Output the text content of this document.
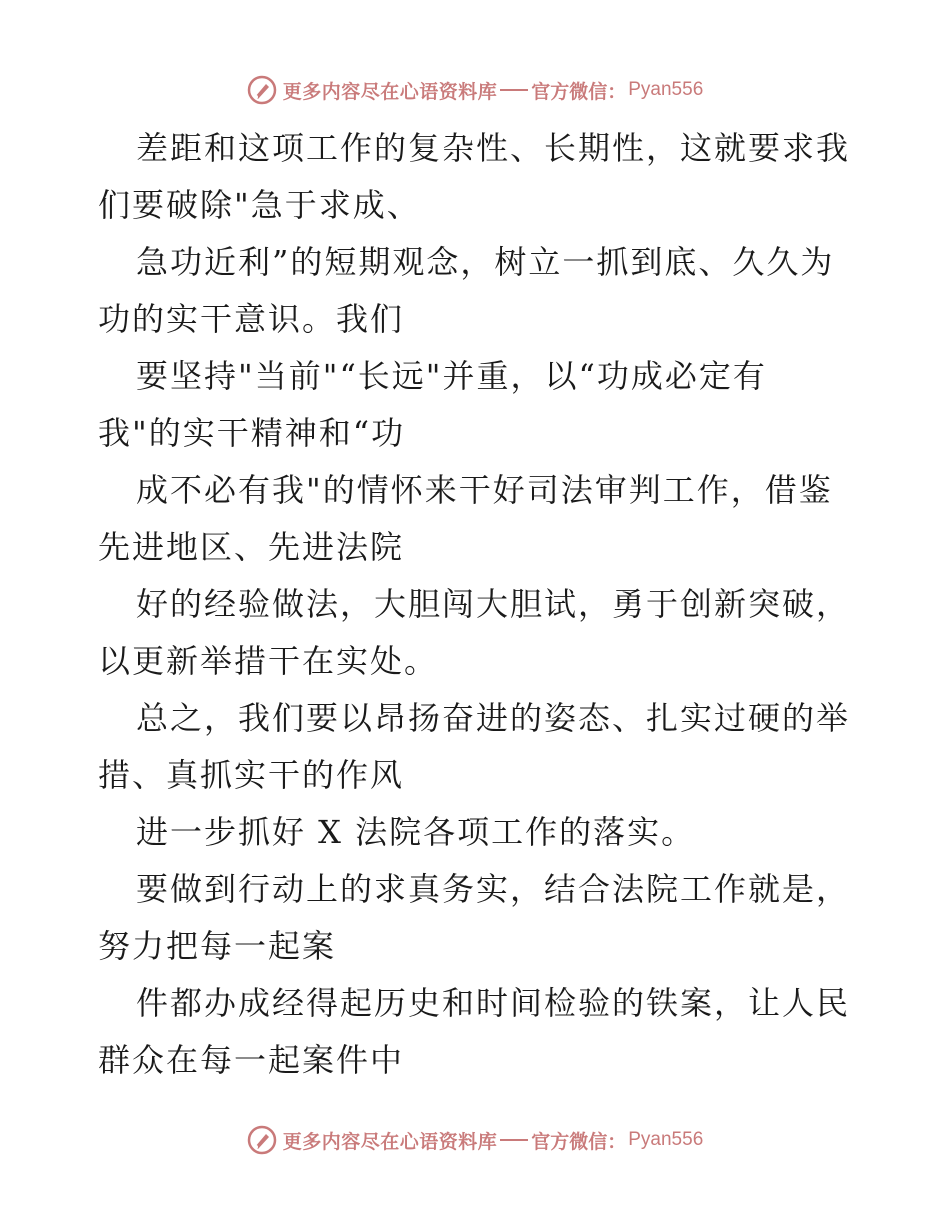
更多内容尽在心语资料库 官方微信： Pyan556
差距和这项工作的复杂性、长期性，这就要求我
们要破除"急于求成、
急功近利”的短期观念，树立一抓到底、久久为
功的实干意识。我们
要坚持"当前"“长远"并重，以“功成必定有
我"的实干精神和“功
成不必有我"的情怀来干好司法审判工作，借鉴
先进地区、先进法院
好的经验做法，大胆闯大胆试，勇于创新突破，
以更新举措干在实处。
总之，我们要以昂扬奋进的姿态、扎实过硬的举
措、真抓实干的作风
进一步抓好 X 法院各项工作的落实。
要做到行动上的求真务实，结合法院工作就是，
努力把每一起案
件都办成经得起历史和时间检验的铁案，让人民
群众在每一起案件中
更多内容尽在心语资料库 官方微信： Pyan556
